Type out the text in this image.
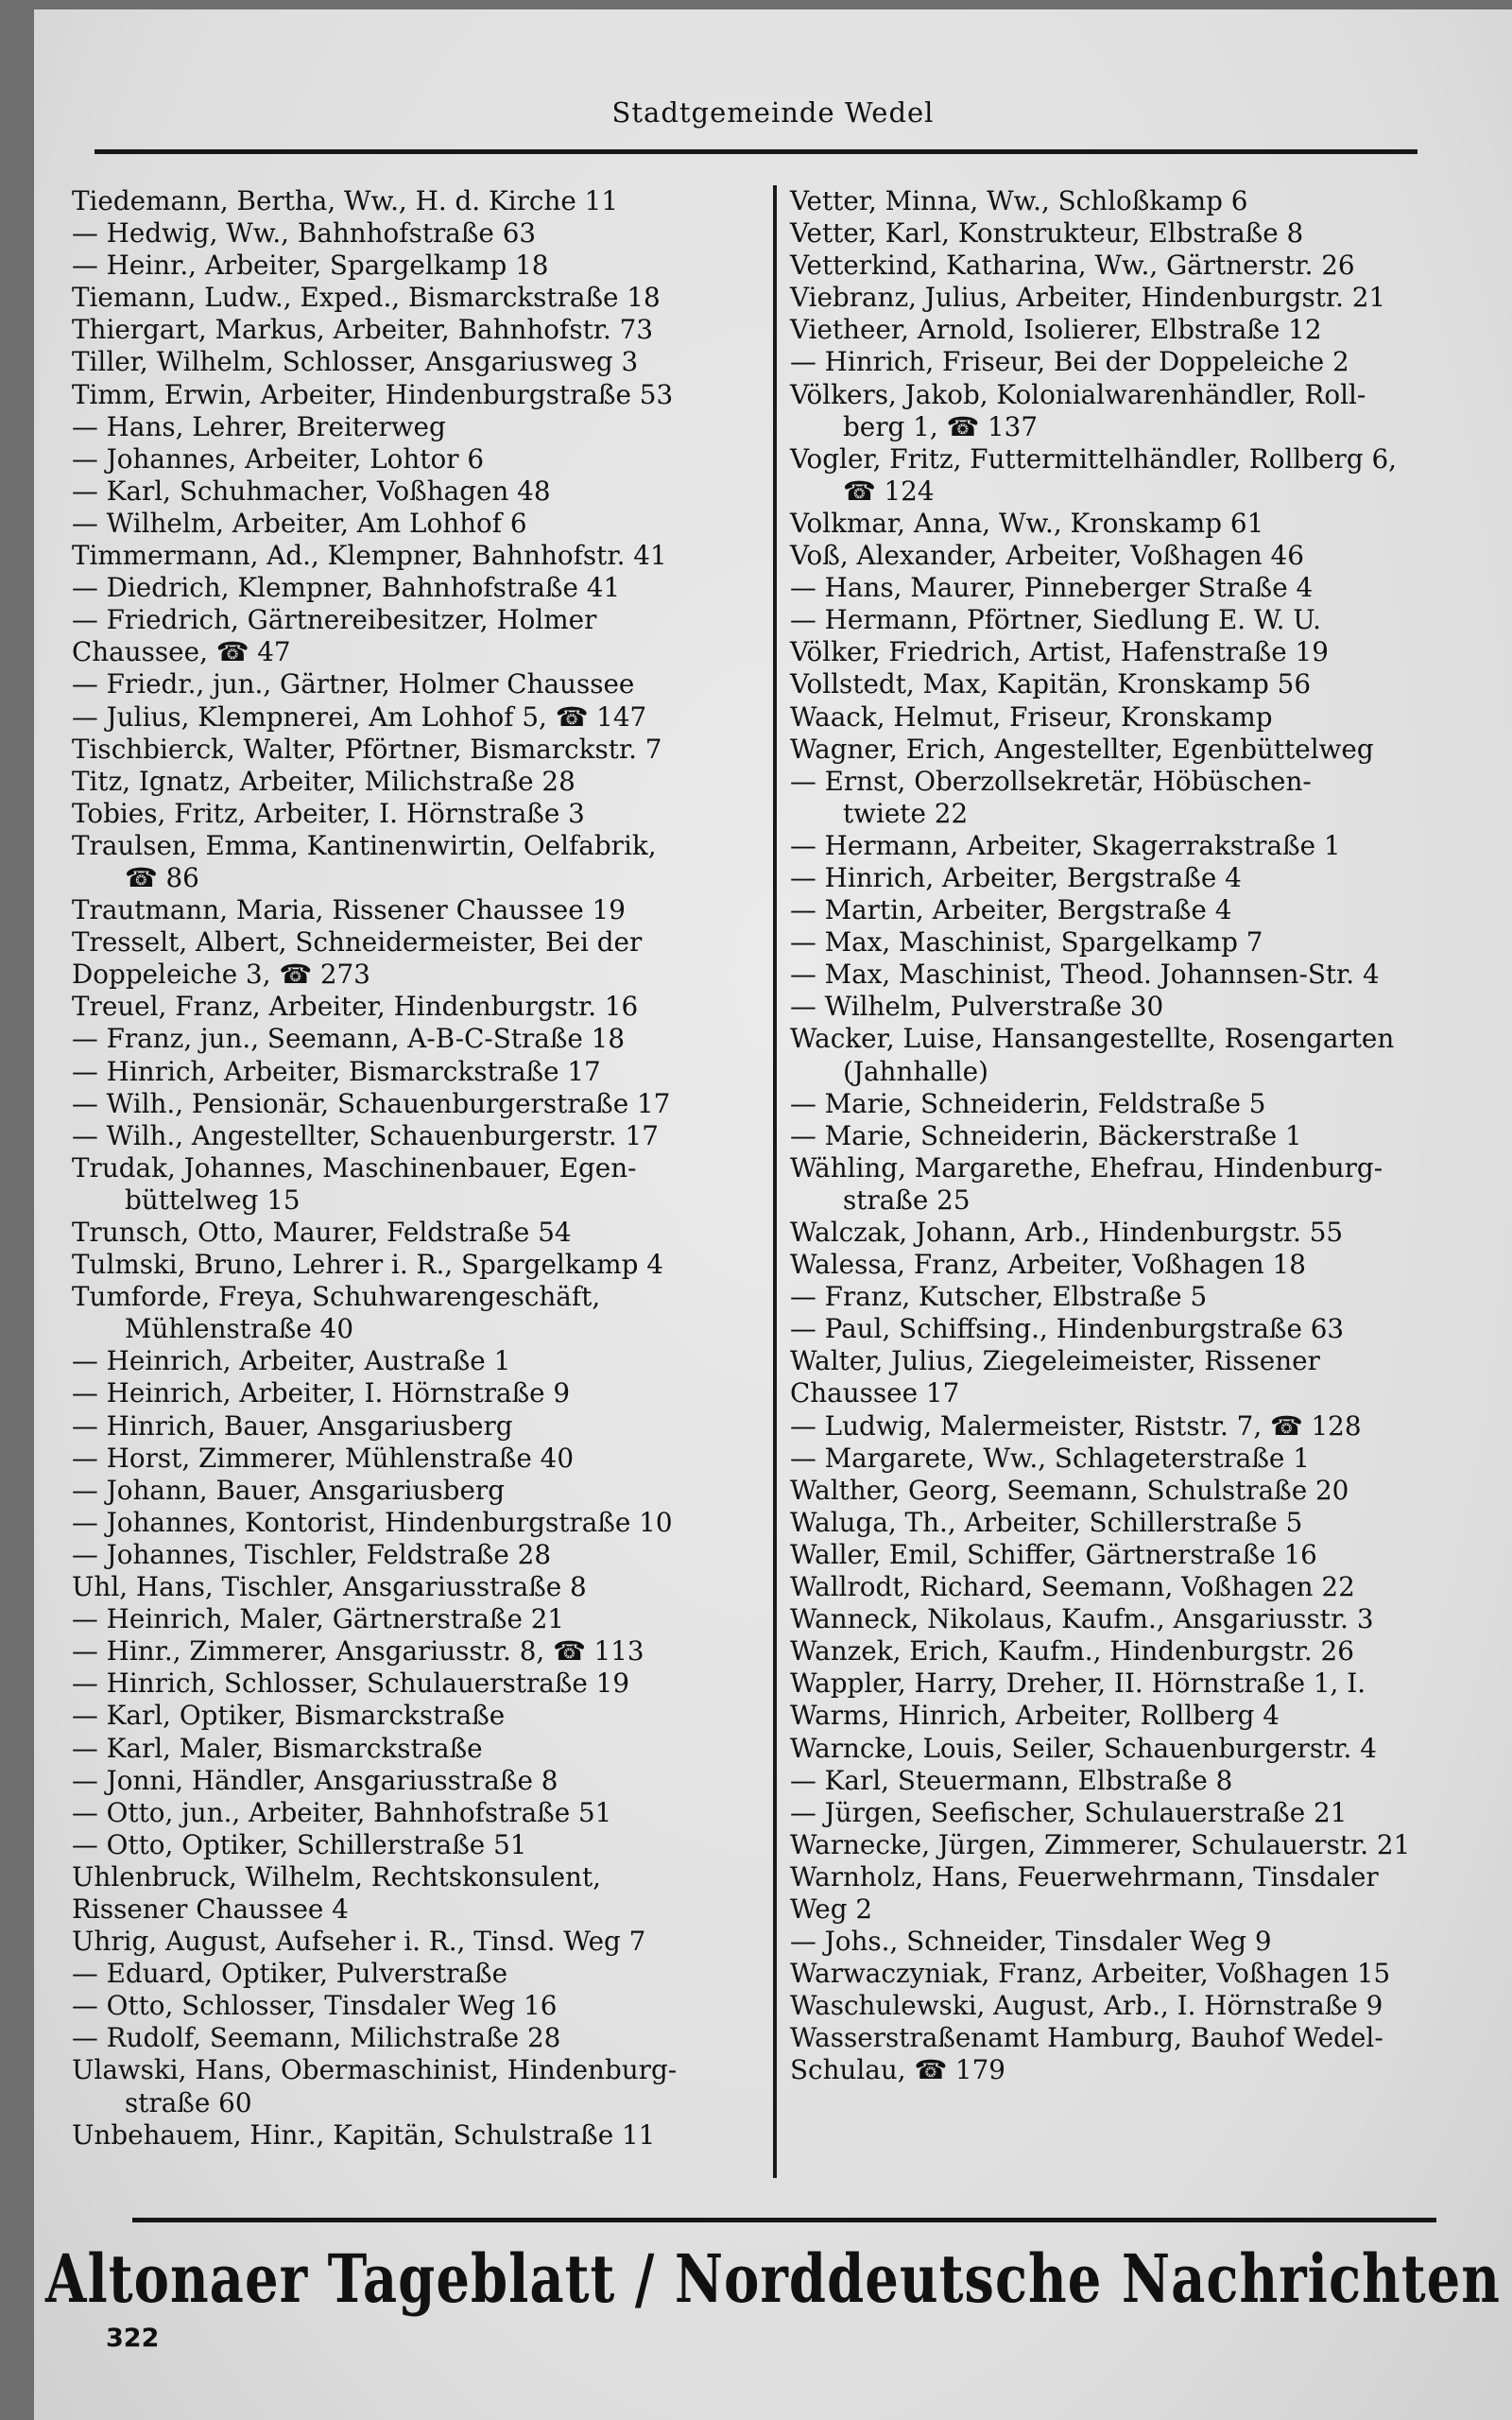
Stadtgemeinde Wedel

Tiedemann, Bertha, Ww., H. d. Kirche 11

— Hedwig, Ww., Bahnhofstraße 63

— Heinr., Arbeiter, Spargelkamp 18

Tiemann, Ludw., Exped., Bismarckstraße 18

Thiergart, Markus, Arbeiter, Bahnhofstr. 73

Tiller, Wilhelm, Schlosser, Ansgariusweg 3

Timm, Erwin, Arbeiter, Hindenburgstraße 53

— Hans, Lehrer, Breiterweg

— Johannes, Arbeiter, Lohtor 6

— Karl, Schuhmacher, Voßhagen 48

— Wilhelm, Arbeiter, Am Lohhof 6

Timmermann, Ad., Klempner, Bahnhofstr. 41

— Diedrich, Klempner, Bahnhofstraße 41

— Friedrich, Gärtnereibesitzer, Holmer

Chaussee, ☎ 47

— Friedr., jun., Gärtner, Holmer Chaussee

— Julius, Klempnerei, Am Lohhof 5, ☎ 147

Tischbierck, Walter, Pförtner, Bismarckstr. 7

Titz, Ignatz, Arbeiter, Milichstraße 28

Tobies, Fritz, Arbeiter, I. Hörnstraße 3

Traulsen, Emma, Kantinenwirtin, Oelfabrik,

☎ 86

Trautmann, Maria, Rissener Chaussee 19

Tresselt, Albert, Schneidermeister, Bei der

Doppeleiche 3, ☎ 273

Treuel, Franz, Arbeiter, Hindenburgstr. 16

— Franz, jun., Seemann, A-B-C-Straße 18

— Hinrich, Arbeiter, Bismarckstraße 17

— Wilh., Pensionär, Schauenburgerstraße 17

— Wilh., Angestellter, Schauenburgerstr. 17

Trudak, Johannes, Maschinenbauer, Egen-

büttelweg 15

Trunsch, Otto, Maurer, Feldstraße 54

Tulmski, Bruno, Lehrer i. R., Spargelkamp 4

Tumforde, Freya, Schuhwarengeschäft,

Mühlenstraße 40

— Heinrich, Arbeiter, Austraße 1

— Heinrich, Arbeiter, I. Hörnstraße 9

— Hinrich, Bauer, Ansgariusberg

— Horst, Zimmerer, Mühlenstraße 40

— Johann, Bauer, Ansgariusberg

— Johannes, Kontorist, Hindenburgstraße 10

— Johannes, Tischler, Feldstraße 28

Uhl, Hans, Tischler, Ansgariusstraße 8

— Heinrich, Maler, Gärtnerstraße 21

— Hinr., Zimmerer, Ansgariusstr. 8, ☎ 113

— Hinrich, Schlosser, Schulauerstraße 19

— Karl, Optiker, Bismarckstraße

— Karl, Maler, Bismarckstraße

— Jonni, Händler, Ansgariusstraße 8

— Otto, jun., Arbeiter, Bahnhofstraße 51

— Otto, Optiker, Schillerstraße 51

Uhlenbruck, Wilhelm, Rechtskonsulent,

Rissener Chaussee 4

Uhrig, August, Aufseher i. R., Tinsd. Weg 7

— Eduard, Optiker, Pulverstraße

— Otto, Schlosser, Tinsdaler Weg 16

— Rudolf, Seemann, Milichstraße 28

Ulawski, Hans, Obermaschinist, Hindenburg-

straße 60

Unbehauem, Hinr., Kapitän, Schulstraße 11

Vetter, Minna, Ww., Schloßkamp 6

Vetter, Karl, Konstrukteur, Elbstraße 8

Vetterkind, Katharina, Ww., Gärtnerstr. 26

Viebranz, Julius, Arbeiter, Hindenburgstr. 21

Vietheer, Arnold, Isolierer, Elbstraße 12

— Hinrich, Friseur, Bei der Doppeleiche 2

Völkers, Jakob, Kolonialwarenhändler, Roll-

berg 1, ☎ 137

Vogler, Fritz, Futtermittelhändler, Rollberg 6,

☎ 124

Volkmar, Anna, Ww., Kronskamp 61

Voß, Alexander, Arbeiter, Voßhagen 46

— Hans, Maurer, Pinneberger Straße 4

— Hermann, Pförtner, Siedlung E. W. U.

Völker, Friedrich, Artist, Hafenstraße 19

Vollstedt, Max, Kapitän, Kronskamp 56

Waack, Helmut, Friseur, Kronskamp

Wagner, Erich, Angestellter, Egenbüttelweg

— Ernst, Oberzollsekretär, Höbüschen-

twiete 22

— Hermann, Arbeiter, Skagerrakstraße 1

— Hinrich, Arbeiter, Bergstraße 4

— Martin, Arbeiter, Bergstraße 4

— Max, Maschinist, Spargelkamp 7

— Max, Maschinist, Theod. Johannsen-Str. 4

— Wilhelm, Pulverstraße 30

Wacker, Luise, Hansangestellte, Rosengarten

(Jahnhalle)

— Marie, Schneiderin, Feldstraße 5

— Marie, Schneiderin, Bäckerstraße 1

Wähling, Margarethe, Ehefrau, Hindenburg-

straße 25

Walczak, Johann, Arb., Hindenburgstr. 55

Walessa, Franz, Arbeiter, Voßhagen 18

— Franz, Kutscher, Elbstraße 5

— Paul, Schiffsing., Hindenburgstraße 63

Walter, Julius, Ziegeleimeister, Rissener

Chaussee 17

— Ludwig, Malermeister, Riststr. 7, ☎ 128

— Margarete, Ww., Schlageterstraße 1

Walther, Georg, Seemann, Schulstraße 20

Waluga, Th., Arbeiter, Schillerstraße 5

Waller, Emil, Schiffer, Gärtnerstraße 16

Wallrodt, Richard, Seemann, Voßhagen 22

Wanneck, Nikolaus, Kaufm., Ansgariusstr. 3

Wanzek, Erich, Kaufm., Hindenburgstr. 26

Wappler, Harry, Dreher, II. Hörnstraße 1, I.

Warms, Hinrich, Arbeiter, Rollberg 4

Warncke, Louis, Seiler, Schauenburgerstr. 4

— Karl, Steuermann, Elbstraße 8

— Jürgen, Seefischer, Schulauerstraße 21

Warnecke, Jürgen, Zimmerer, Schulauerstr. 21

Warnholz, Hans, Feuerwehrmann, Tinsdaler

Weg 2

— Johs., Schneider, Tinsdaler Weg 9

Warwaczyniak, Franz, Arbeiter, Voßhagen 15

Waschulewski, August, Arb., I. Hörnstraße 9

Wasserstraßenamt Hamburg, Bauhof Wedel-

Schulau, ☎ 179

Altonaer Tageblatt / Norddeutsche Nachrichten
322
